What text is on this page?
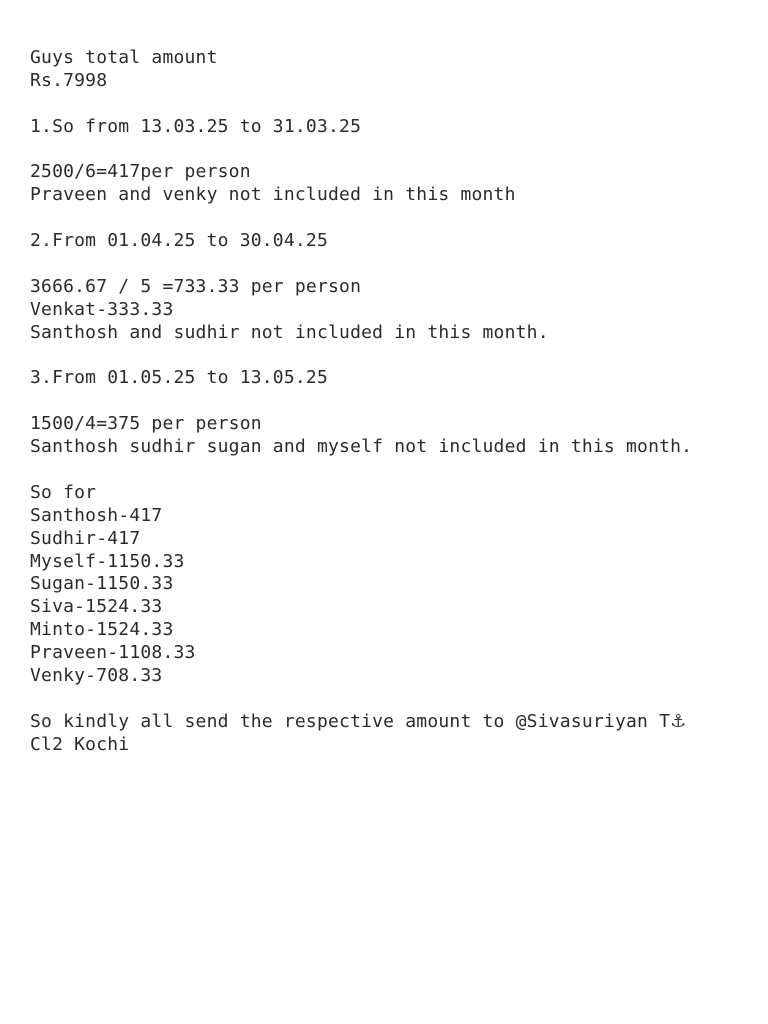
Guys total amount
Rs.7998
1.So from 13.03.25 to 31.03.25
2500/6=417per person
Praveen and venky not included in this month
2.From 01.04.25 to 30.04.25
3666.67 / 5 =733.33 per person
Venkat-333.33
Santhosh and sudhir not included in this month.
3.From 01.05.25 to 13.05.25
1500/4=375 per person
Santhosh sudhir sugan and myself not included in this month.
So for
Santhosh-417
Sudhir-417
Myself-1150.33
Sugan-1150.33
Siva-1524.33
Minto-1524.33
Praveen-1108.33
Venky-708.33
So kindly all send the respective amount to @Sivasuriyan T⚓
Cl2 Kochi
